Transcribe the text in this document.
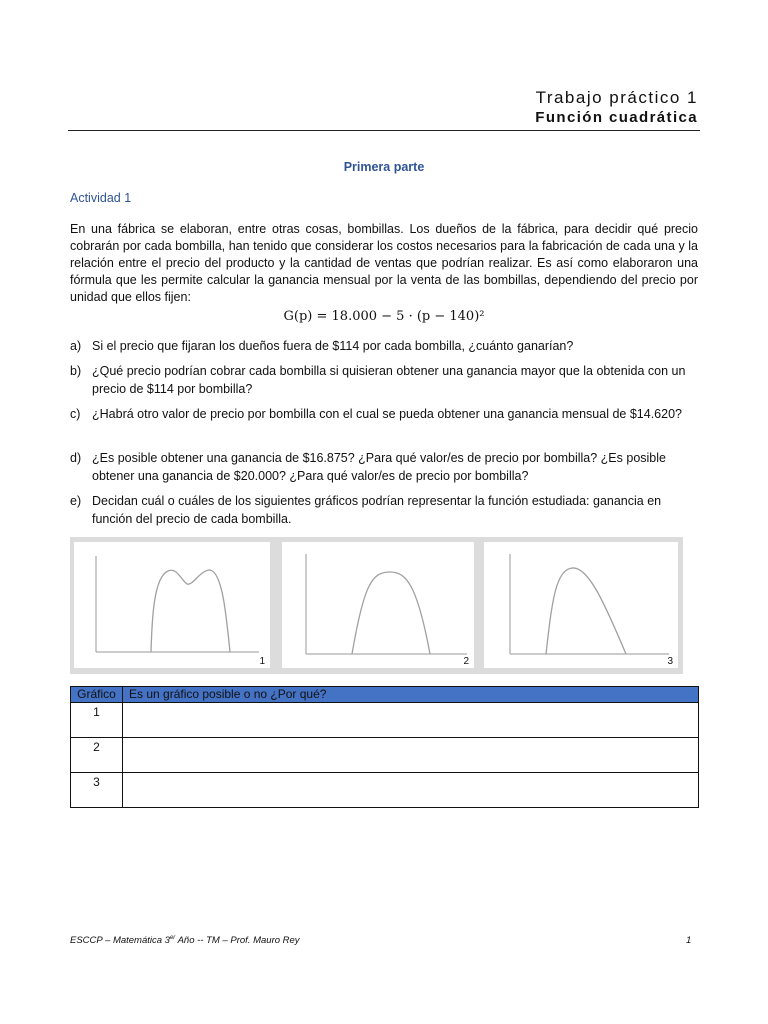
Trabajo práctico 1
Función cuadrática
Primera parte
Actividad 1
En una fábrica se elaboran, entre otras cosas, bombillas. Los dueños de la fábrica, para decidir qué precio cobrarán por cada bombilla, han tenido que considerar los costos necesarios para la fabricación de cada una y la relación entre el precio del producto y la cantidad de ventas que podrían realizar. Es así como elaboraron una fórmula que les permite calcular la ganancia mensual por la venta de las bombillas, dependiendo del precio por unidad que ellos fijen:
G(p) = 18.000 − 5 · (p − 140)²
a) Si el precio que fijaran los dueños fuera de $114 por cada bombilla, ¿cuánto ganarían?
b) ¿Qué precio podrían cobrar cada bombilla si quisieran obtener una ganancia mayor que la obtenida con un precio de $114 por bombilla?
c) ¿Habrá otro valor de precio por bombilla con el cual se pueda obtener una ganancia mensual de $14.620?
d) ¿Es posible obtener una ganancia de $16.875? ¿Para qué valor/es de precio por bombilla? ¿Es posible obtener una ganancia de $20.000? ¿Para qué valor/es de precio por bombilla?
e) Decidan cuál o cuáles de los siguientes gráficos podrían representar la función estudiada: ganancia en función del precio de cada bombilla.
1	2	3
Gráfico	Es un gráfico posible o no ¿Por qué?
1	
2	
3	
ESCCP – Matemática 3er Año -- TM – Prof. Mauro Rey	1
